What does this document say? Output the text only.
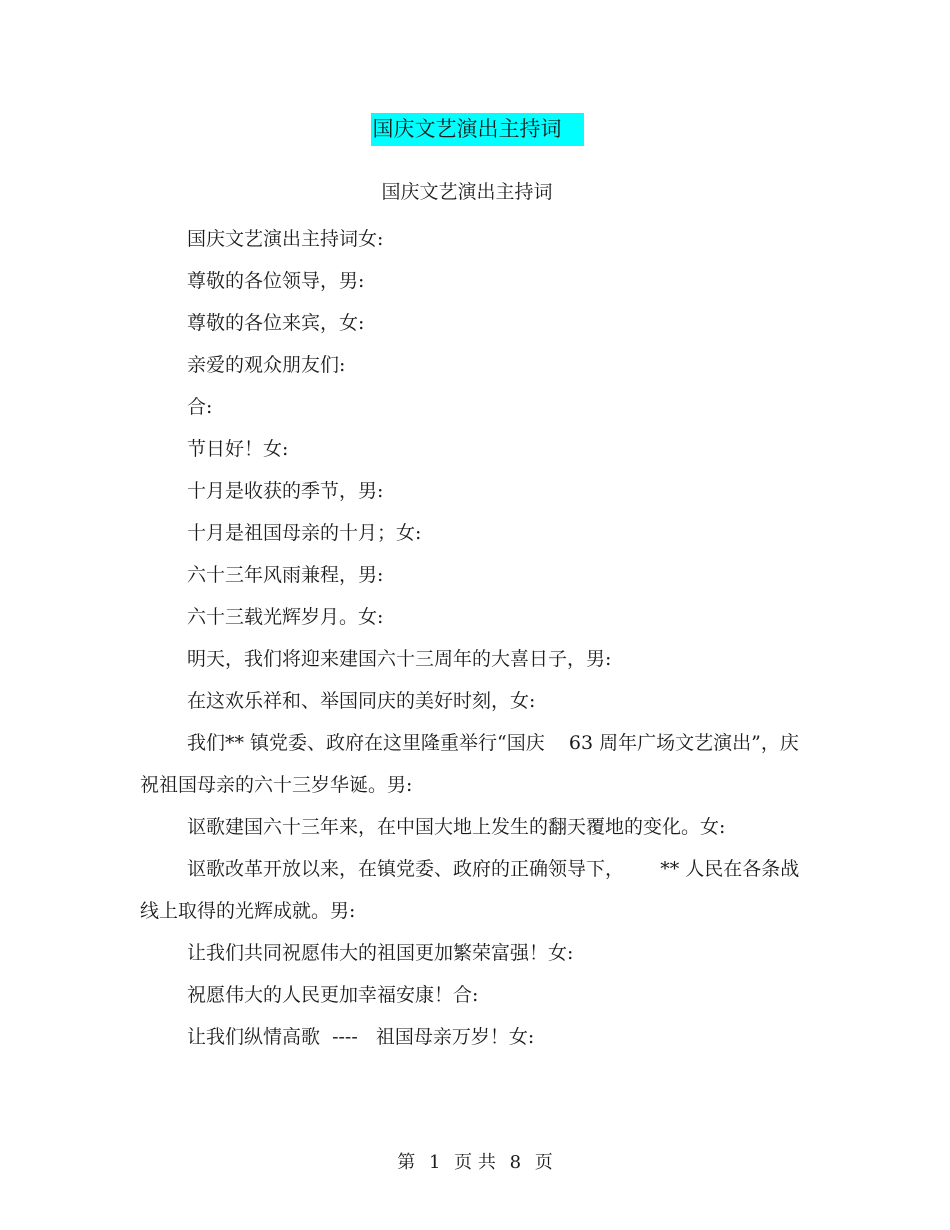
国庆文艺演出主持词
国庆文艺演出主持词

国庆文艺演出主持词女:

尊敬的各位领导，男:

尊敬的各位来宾，女:

亲爱的观众朋友们:

合:

节日好！女:

十月是收获的季节，男:

十月是祖国母亲的十月；女:

六十三年风雨兼程，男:

六十三载光辉岁月。女:

明天，我们将迎来建国六十三周年的大喜日子，男:

在这欢乐祥和、举国同庆的美好时刻，女:

我们** 镇党委、政府在这里隆重举行“国庆    63 周年广场文艺演出”，庆祝祖国母亲的六十三岁华诞。男:

讴歌建国六十三年来，在中国大地上发生的翻天覆地的变化。女:

讴歌改革开放以来，在镇党委、政府的正确领导下，      ** 人民在各条战线上取得的光辉成就。男:

让我们共同祝愿伟大的祖国更加繁荣富强！女:

祝愿伟大的人民更加幸福安康！合:

让我们纵情高歌  ----   祖国母亲万岁！女:

第 1 页 共 8 页
